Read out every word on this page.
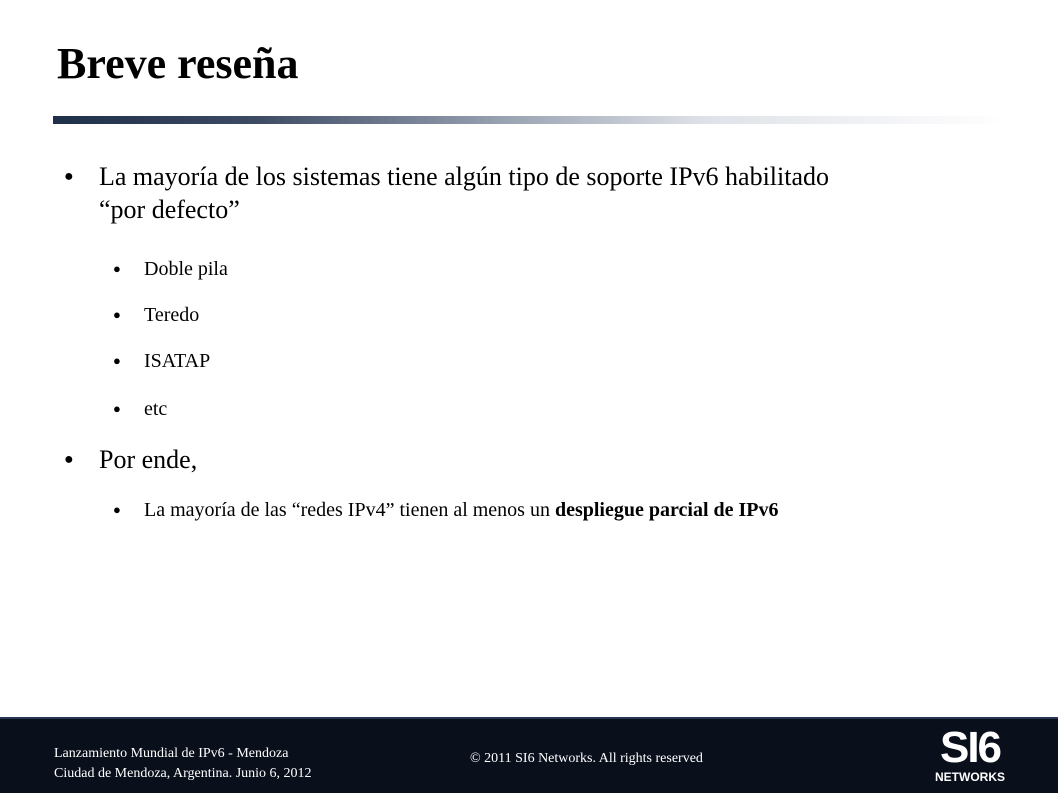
Breve reseña
● La mayoría de los sistemas tiene algún tipo de soporte IPv6 habilitado
“por defecto”
● Doble pila
● Teredo
● ISATAP
● etc
● Por ende,
● La mayoría de las “redes IPv4” tienen al menos un despliegue parcial de IPv6
Lanzamiento Mundial de IPv6 - Mendoza
Ciudad de Mendoza, Argentina. Junio 6, 2012
© 2011 SI6 Networks. All rights reserved	SI6
NETWORKS
